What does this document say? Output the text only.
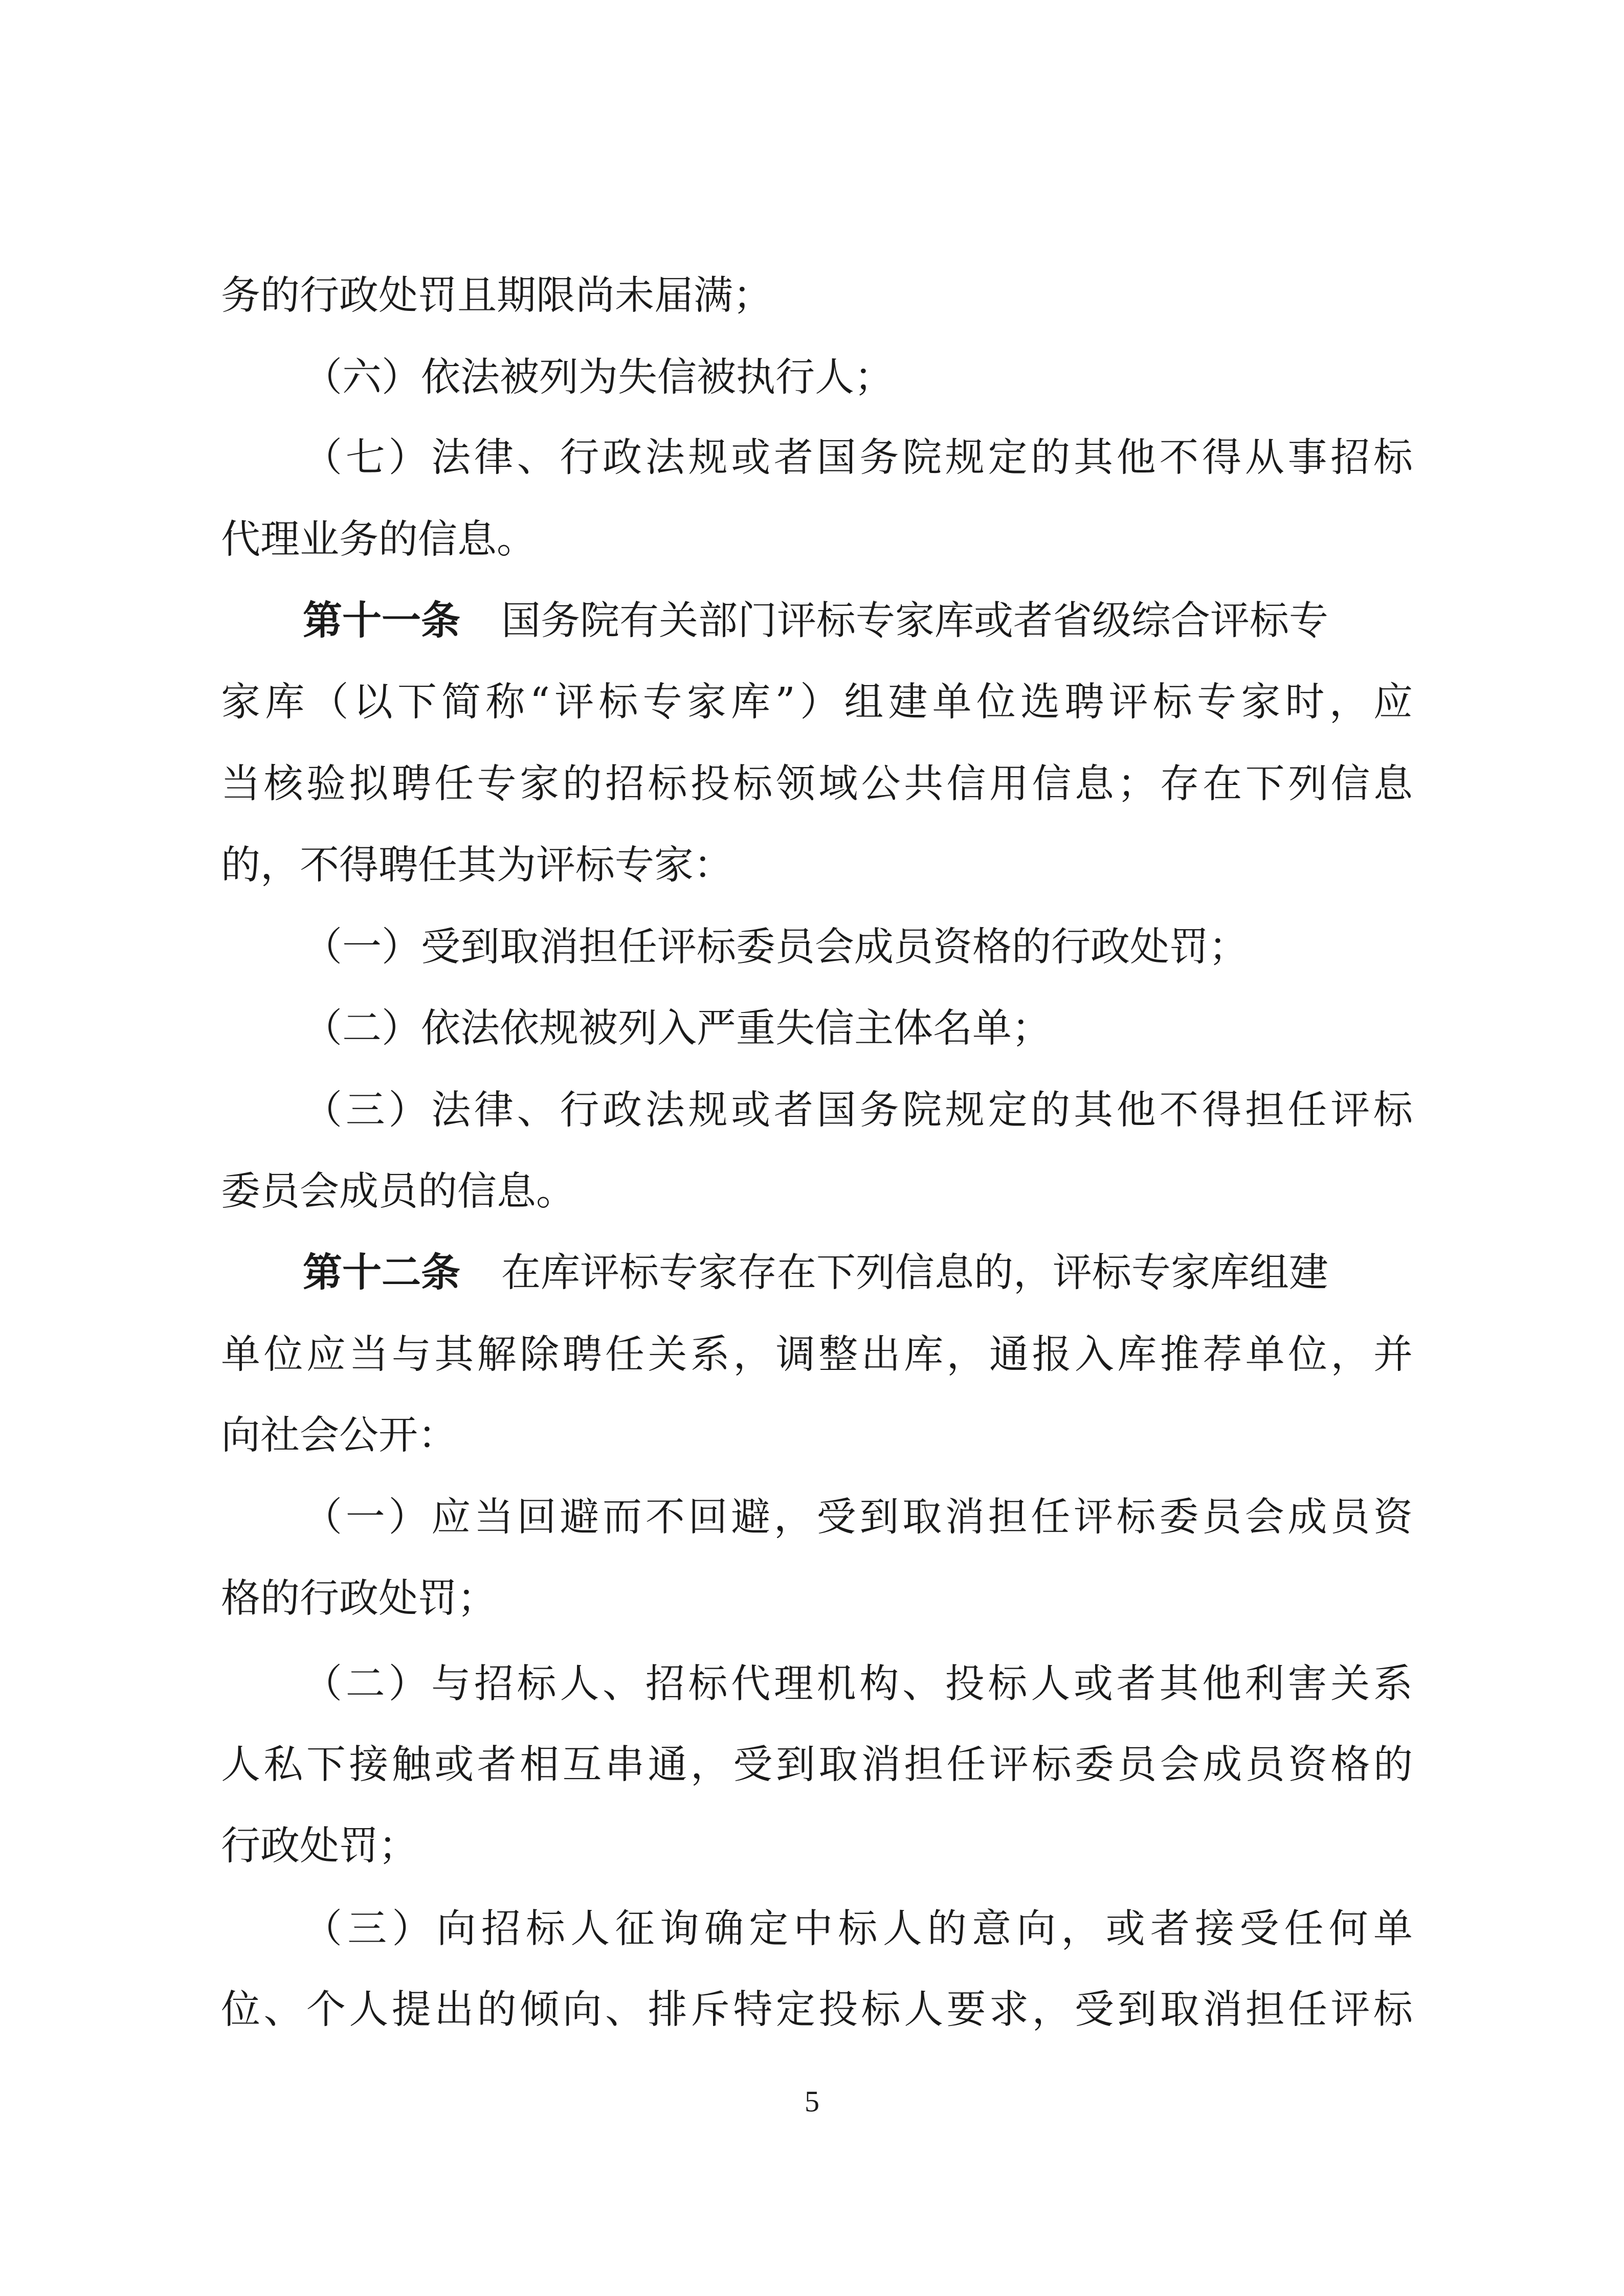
务的行政处罚且期限尚未届满；
（六）依法被列为失信被执行人；
（七）法律、行政法规或者国务院规定的其他不得从事招标
代理业务的信息。
第十一条 国务院有关部门评标专家库或者省级综合评标专
家库（以下简称“评标专家库”）组建单位选聘评标专家时，应
当核验拟聘任专家的招标投标领域公共信用信息；存在下列信息
的，不得聘任其为评标专家：
（一）受到取消担任评标委员会成员资格的行政处罚；
（二）依法依规被列入严重失信主体名单；
（三）法律、行政法规或者国务院规定的其他不得担任评标
委员会成员的信息。
第十二条 在库评标专家存在下列信息的，评标专家库组建
单位应当与其解除聘任关系，调整出库，通报入库推荐单位，并
向社会公开：
（一）应当回避而不回避，受到取消担任评标委员会成员资
格的行政处罚；
（二）与招标人、招标代理机构、投标人或者其他利害关系
人私下接触或者相互串通，受到取消担任评标委员会成员资格的
行政处罚；
（三）向招标人征询确定中标人的意向，或者接受任何单
位、个人提出的倾向、排斥特定投标人要求，受到取消担任评标
5
